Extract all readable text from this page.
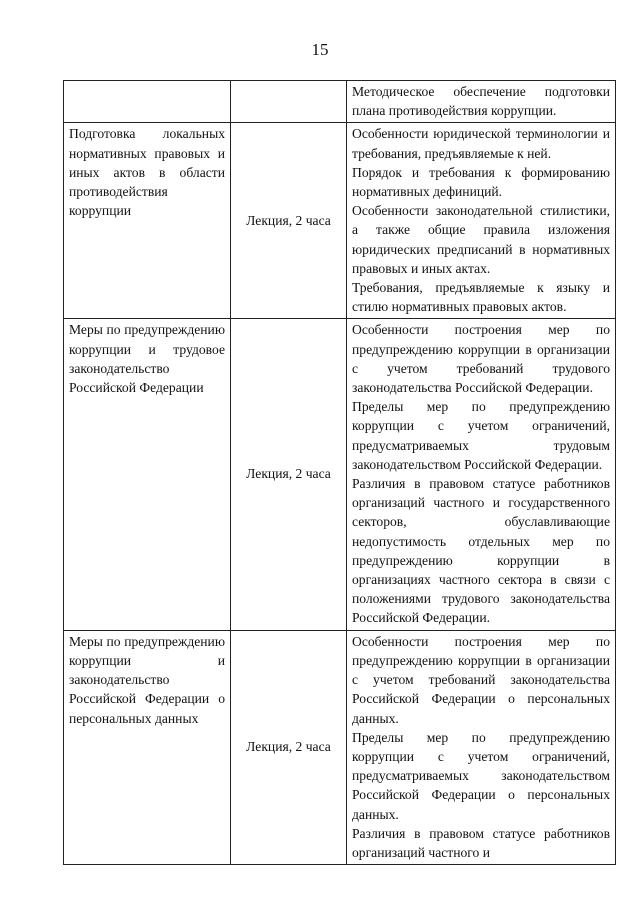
15

		Методическое обеспечение подготовки плана противодействия коррупции.

Подготовка локальных нормативных правовых и иных актов в области противодействия коррупции	Лекция, 2 часа	Особенности юридической терминологии и требования, предъявляемые к ней.

Порядок и требования к формированию нормативных дефиниций.

Особенности законодательной стилистики, а также общие правила изложения юридических предписаний в нормативных правовых и иных актах.

Требования, предъявляемые к языку и стилю нормативных правовых актов.

Меры по предупреждению коррупции и трудовое законодательство Российской Федерации	Лекция, 2 часа	Особенности построения мер по предупреждению коррупции в организации с учетом требований трудового законодательства Российской Федерации.

Пределы мер по предупреждению коррупции с учетом ограничений, предусматриваемых трудовым законодательством Российской Федерации.

Различия в правовом статусе работников организаций частного и государственного секторов, обуславливающие недопустимость отдельных мер по предупреждению коррупции в организациях частного сектора в связи с положениями трудового законодательства Российской Федерации.

Меры по предупреждению коррупции и законодательство Российской Федерации о персональных данных	Лекция, 2 часа	Особенности построения мер по предупреждению коррупции в организации с учетом требований законодательства Российской Федерации о персональных данных.

Пределы мер по предупреждению коррупции с учетом ограничений, предусматриваемых законодательством Российской Федерации о персональных данных.

Различия в правовом статусе работников организаций частного и
